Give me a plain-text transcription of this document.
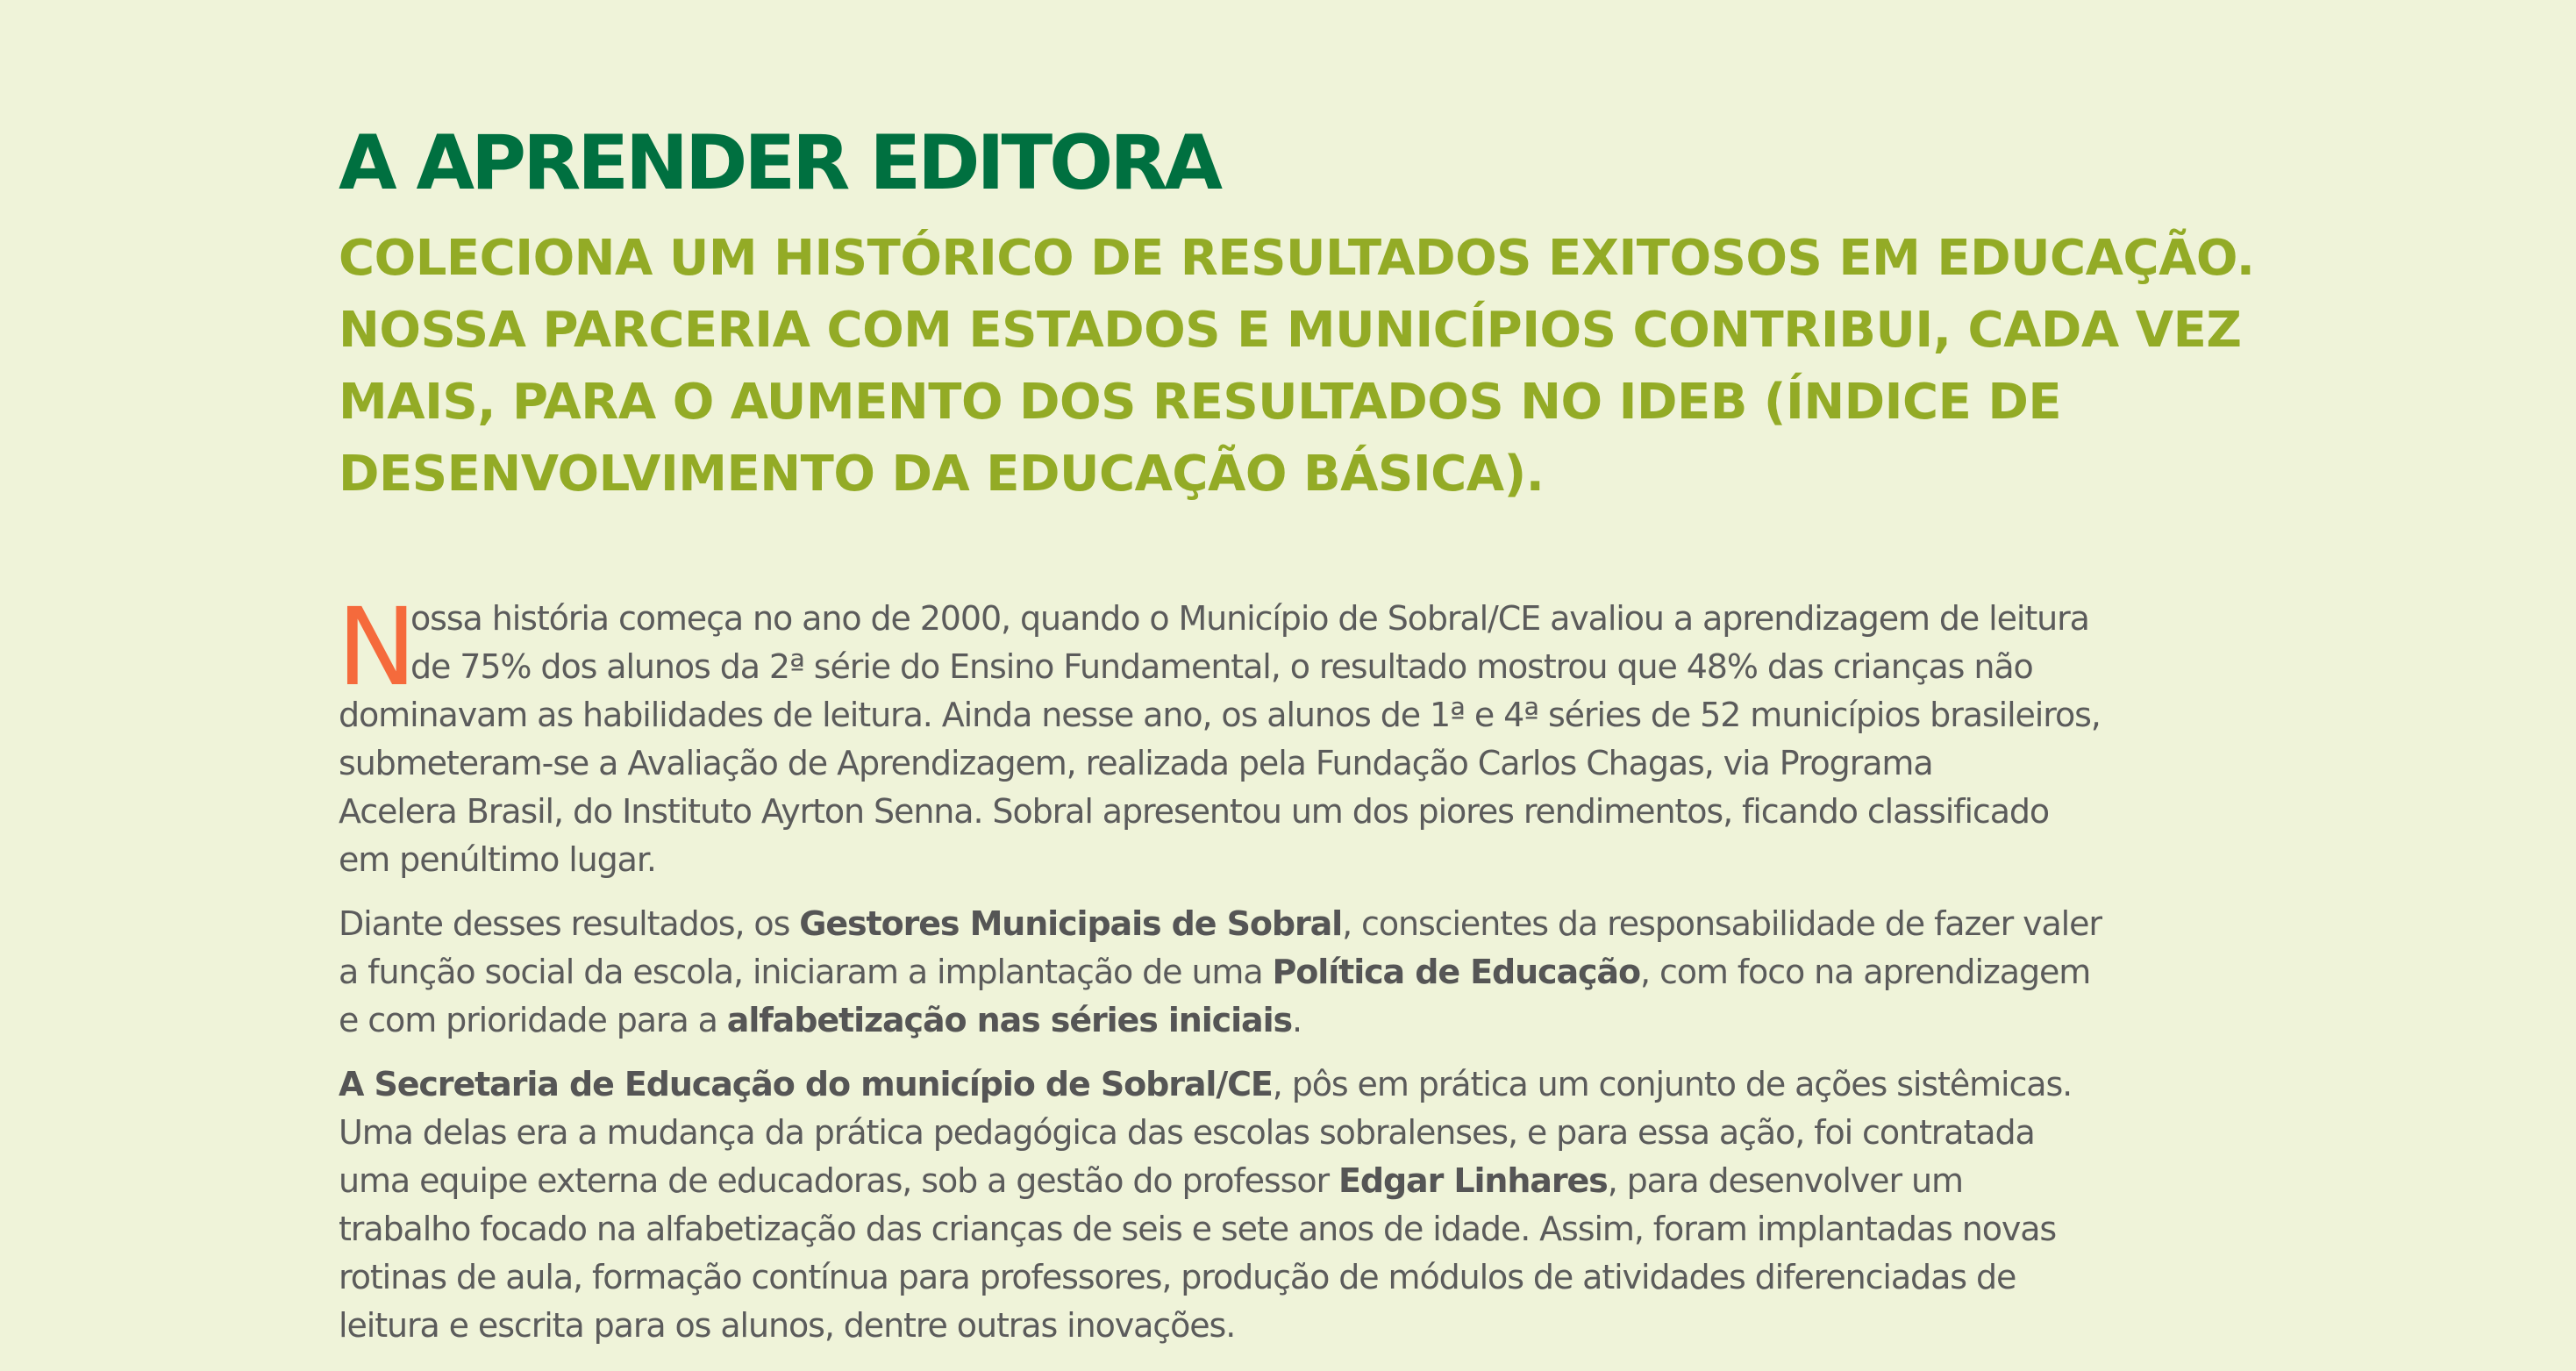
A APRENDER EDITORA
COLECIONA UM HISTÓRICO DE RESULTADOS EXITOSOS EM EDUCAÇÃO.
NOSSA PARCERIA COM ESTADOS E MUNICÍPIOS CONTRIBUI, CADA VEZ
MAIS, PARA O AUMENTO DOS RESULTADOS NO IDEB (ÍNDICE DE
DESENVOLVIMENTO DA EDUCAÇÃO BÁSICA).

N
ossa história começa no ano de 2000, quando o Município de Sobral/CE avaliou a aprendizagem de leitura
de 75% dos alunos da 2ª série do Ensino Fundamental, o resultado mostrou que 48% das crianças não
dominavam as habilidades de leitura. Ainda nesse ano, os alunos de 1ª e 4ª séries de 52 municípios brasileiros,
submeteram-se a Avaliação de Aprendizagem, realizada pela Fundação Carlos Chagas, via Programa
Acelera Brasil, do Instituto Ayrton Senna. Sobral apresentou um dos piores rendimentos, ficando classificado
em penúltimo lugar.

Diante desses resultados, os Gestores Municipais de Sobral, conscientes da responsabilidade de fazer valer
a função social da escola, iniciaram a implantação de uma Política de Educação, com foco na aprendizagem
e com prioridade para a alfabetização nas séries iniciais.

A Secretaria de Educação do município de Sobral/CE, pôs em prática um conjunto de ações sistêmicas.
Uma delas era a mudança da prática pedagógica das escolas sobralenses, e para essa ação, foi contratada
uma equipe externa de educadoras, sob a gestão do professor Edgar Linhares, para desenvolver um
trabalho focado na alfabetização das crianças de seis e sete anos de idade. Assim, foram implantadas novas
rotinas de aula, formação contínua para professores, produção de módulos de atividades diferenciadas de
leitura e escrita para os alunos, dentre outras inovações.
